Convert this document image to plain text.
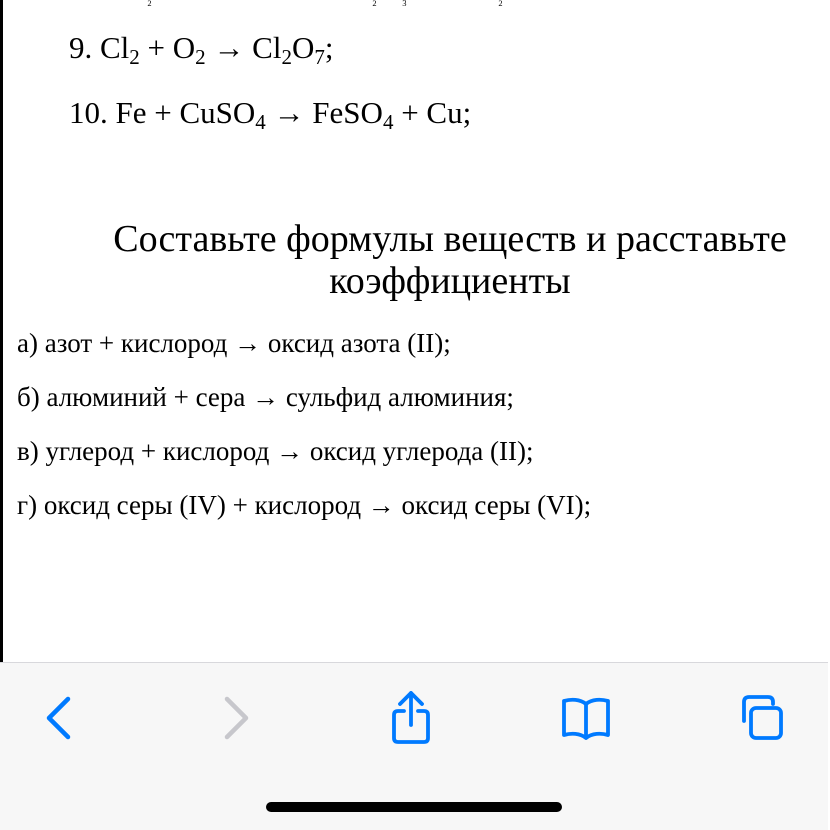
9. $Cl_2 + O_2 \to Cl_2O_7$;
10. Fe + CuSO$_4$ → FeSO$_4$ + Cu;
Составьте формулы веществ и расставьте коэффициенты
а) азот + кислород → оксид азота (II);
б) алюминий + сера → сульфид алюминия;
в) углерод + кислород → оксид углерода (II);
г) оксид серы (IV) + кислород → оксид серы (VI);
